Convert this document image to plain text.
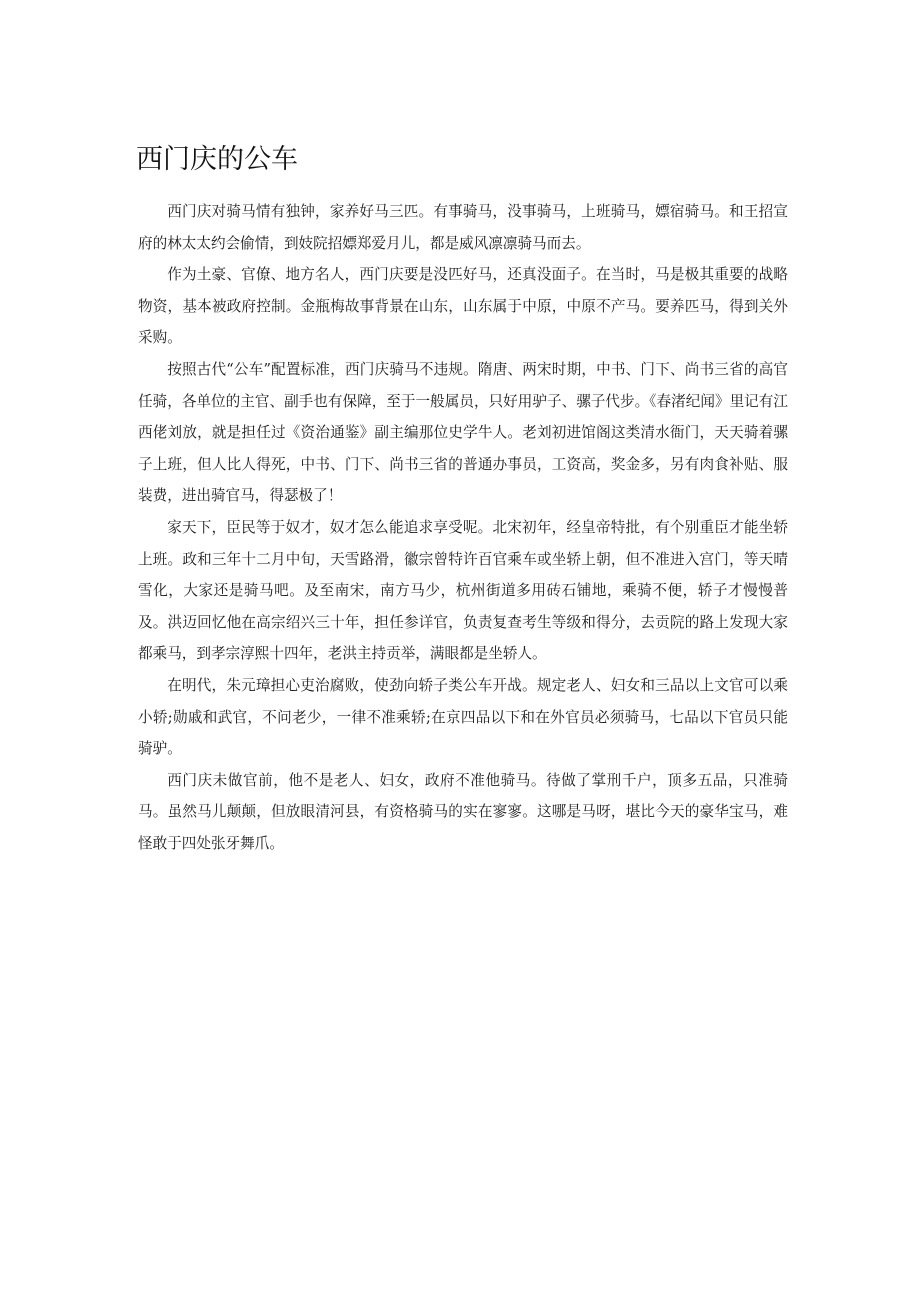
西门庆的公车

西门庆对骑马情有独钟，家养好马三匹。有事骑马，没事骑马，上班骑马，嫖宿骑马。和王招宣府的林太太约会偷情，到妓院招嫖郑爱月儿，都是威风凛凛骑马而去。

作为土豪、官僚、地方名人，西门庆要是没匹好马，还真没面子。在当时，马是极其重要的战略物资，基本被政府控制。金瓶梅故事背景在山东，山东属于中原，中原不产马。要养匹马，得到关外采购。

按照古代“公车”配置标准，西门庆骑马不违规。隋唐、两宋时期，中书、门下、尚书三省的高官任骑，各单位的主官、副手也有保障，至于一般属员，只好用驴子、骡子代步。《春渚纪闻》里记有江西佬刘放，就是担任过《资治通鉴》副主编那位史学牛人。老刘初进馆阁这类清水衙门，天天骑着骡子上班，但人比人得死，中书、门下、尚书三省的普通办事员，工资高，奖金多，另有肉食补贴、服装费，进出骑官马，得瑟极了！

家天下，臣民等于奴才，奴才怎么能追求享受呢。北宋初年，经皇帝特批，有个别重臣才能坐轿上班。政和三年十二月中旬，天雪路滑，徽宗曾特许百官乘车或坐轿上朝，但不准进入宫门，等天晴雪化，大家还是骑马吧。及至南宋，南方马少，杭州街道多用砖石铺地，乘骑不便，轿子才慢慢普及。洪迈回忆他在高宗绍兴三十年，担任参详官，负责复查考生等级和得分，去贡院的路上发现大家都乘马，到孝宗淳熙十四年，老洪主持贡举，满眼都是坐轿人。

在明代，朱元璋担心吏治腐败，使劲向轿子类公车开战。规定老人、妇女和三品以上文官可以乘小轿;勋戚和武官，不问老少，一律不准乘轿;在京四品以下和在外官员必须骑马，七品以下官员只能骑驴。

西门庆未做官前，他不是老人、妇女，政府不准他骑马。待做了掌刑千户，顶多五品，只准骑马。虽然马儿颠颠，但放眼清河县，有资格骑马的实在寥寥。这哪是马呀，堪比今天的豪华宝马，难怪敢于四处张牙舞爪。
